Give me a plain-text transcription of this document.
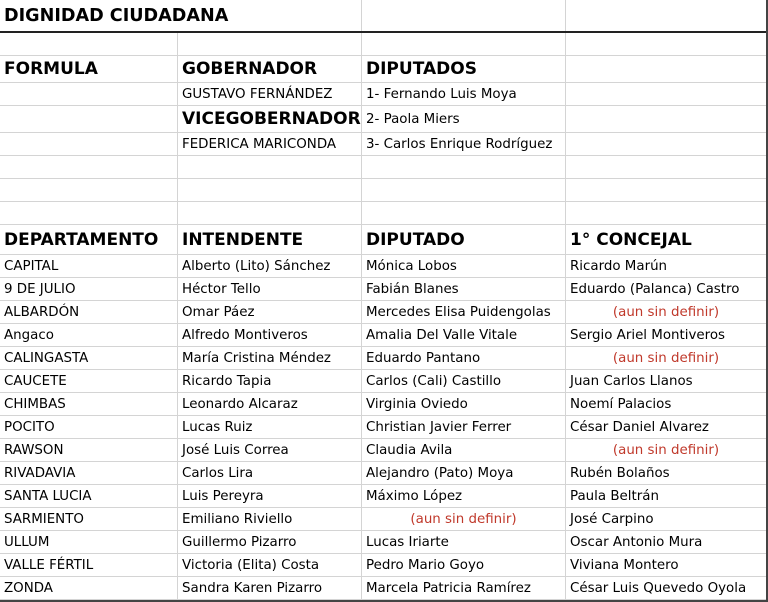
DIGNIDAD CIUDADANA
FORMULA	GOBERNADOR	DIPUTADOS
GUSTAVO FERNÁNDEZ	1- Fernando Luis Moya
VICEGOBERNADOR 2- Paola Miers
FEDERICA MARICONDA	3- Carlos Enrique Rodríguez
DEPARTAMENTO	INTENDENTE	DIPUTADO	1° CONCEJAL
CAPITAL	Alberto (Lito) Sánchez	Mónica Lobos	Ricardo Marún
9 DE JULIO	Héctor Tello	Fabián Blanes	Eduardo (Palanca) Castro
ALBARDÓN	Omar Páez	Mercedes Elisa Puidengolas	(aun sin definir)
Angaco	Alfredo Montiveros	Amalia Del Valle Vitale	Sergio Ariel Montiveros
CALINGASTA	María Cristina Méndez	Eduardo Pantano	(aun sin definir)
CAUCETE	Ricardo Tapia	Carlos (Cali) Castillo	Juan Carlos Llanos
CHIMBAS	Leonardo Alcaraz	Virginia Oviedo	Noemí Palacios
POCITO	Lucas Ruiz	Christian Javier Ferrer	César Daniel Alvarez
RAWSON	José Luis Correa	Claudia Avila	(aun sin definir)
RIVADAVIA	Carlos Lira	Alejandro (Pato) Moya	Rubén Bolaños
SANTA LUCIA	Luis Pereyra	Máximo López	Paula Beltrán
SARMIENTO	Emiliano Riviello	(aun sin definir)	José Carpino
ULLUM	Guillermo Pizarro	Lucas Iriarte	Oscar Antonio Mura
VALLE FÉRTIL	Victoria (Elita) Costa	Pedro Mario Goyo	Viviana Montero
ZONDA	Sandra Karen Pizarro	Marcela Patricia Ramírez	César Luis Quevedo Oyola
